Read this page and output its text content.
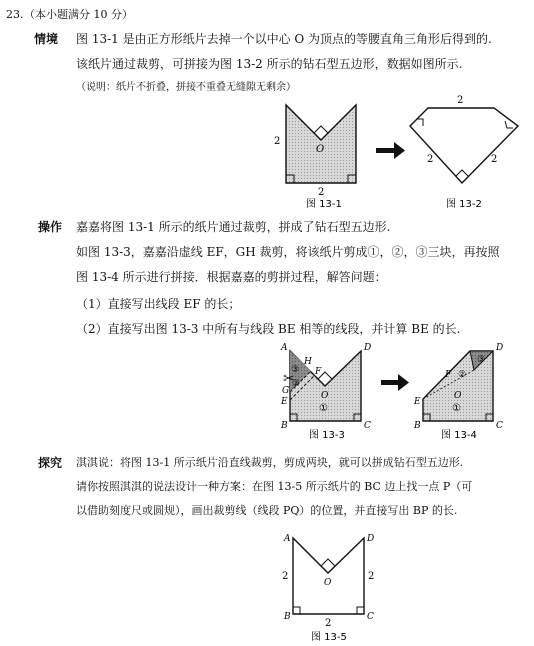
23. （本小题满分 10 分）
情境 图 13-1 是由正方形纸片去掉一个以中心 O 为顶点的等腰直角三角形后得到的.
该纸片通过裁剪，可拼接为图 13-2 所示的钻石型五边形，数据如图所示.
（说明：纸片不折叠，拼接不重叠无缝隙无剩余）
操作 嘉嘉将图 13-1 所示的纸片通过裁剪，拼成了钻石型五边形.
如图 13-3，嘉嘉沿虚线 EF，GH 裁剪，将该纸片剪成①，②，③三块，再按照
图 13-4 所示进行拼接．根据嘉嘉的剪拼过程，解答问题：
（1）直接写出线段 EF 的长；
（2）直接写出图 13-3 中所有与线段 BE 相等的线段，并计算 BE 的长.
探究 淇淇说：将图 13-1 所示纸片沿直线裁剪，剪成两块，就可以拼成钻石型五边形.
请你按照淇淇的说法设计一种方案：在图 13-5 所示纸片的 BC 边上找一点 P（可
以借助刻度尺或圆规），画出裁剪线（线段 PQ）的位置，并直接写出 BP 的长.
O
2
2
图 13-1
2
2	2
图 13-2
✂
A	D
B	C
E
G
H
F
O
③
②
①
图 13-3
D
F
E
B	C
O
③
②
①
图 13-4
A	D
B	C
O
2	2
2
图 13-5
